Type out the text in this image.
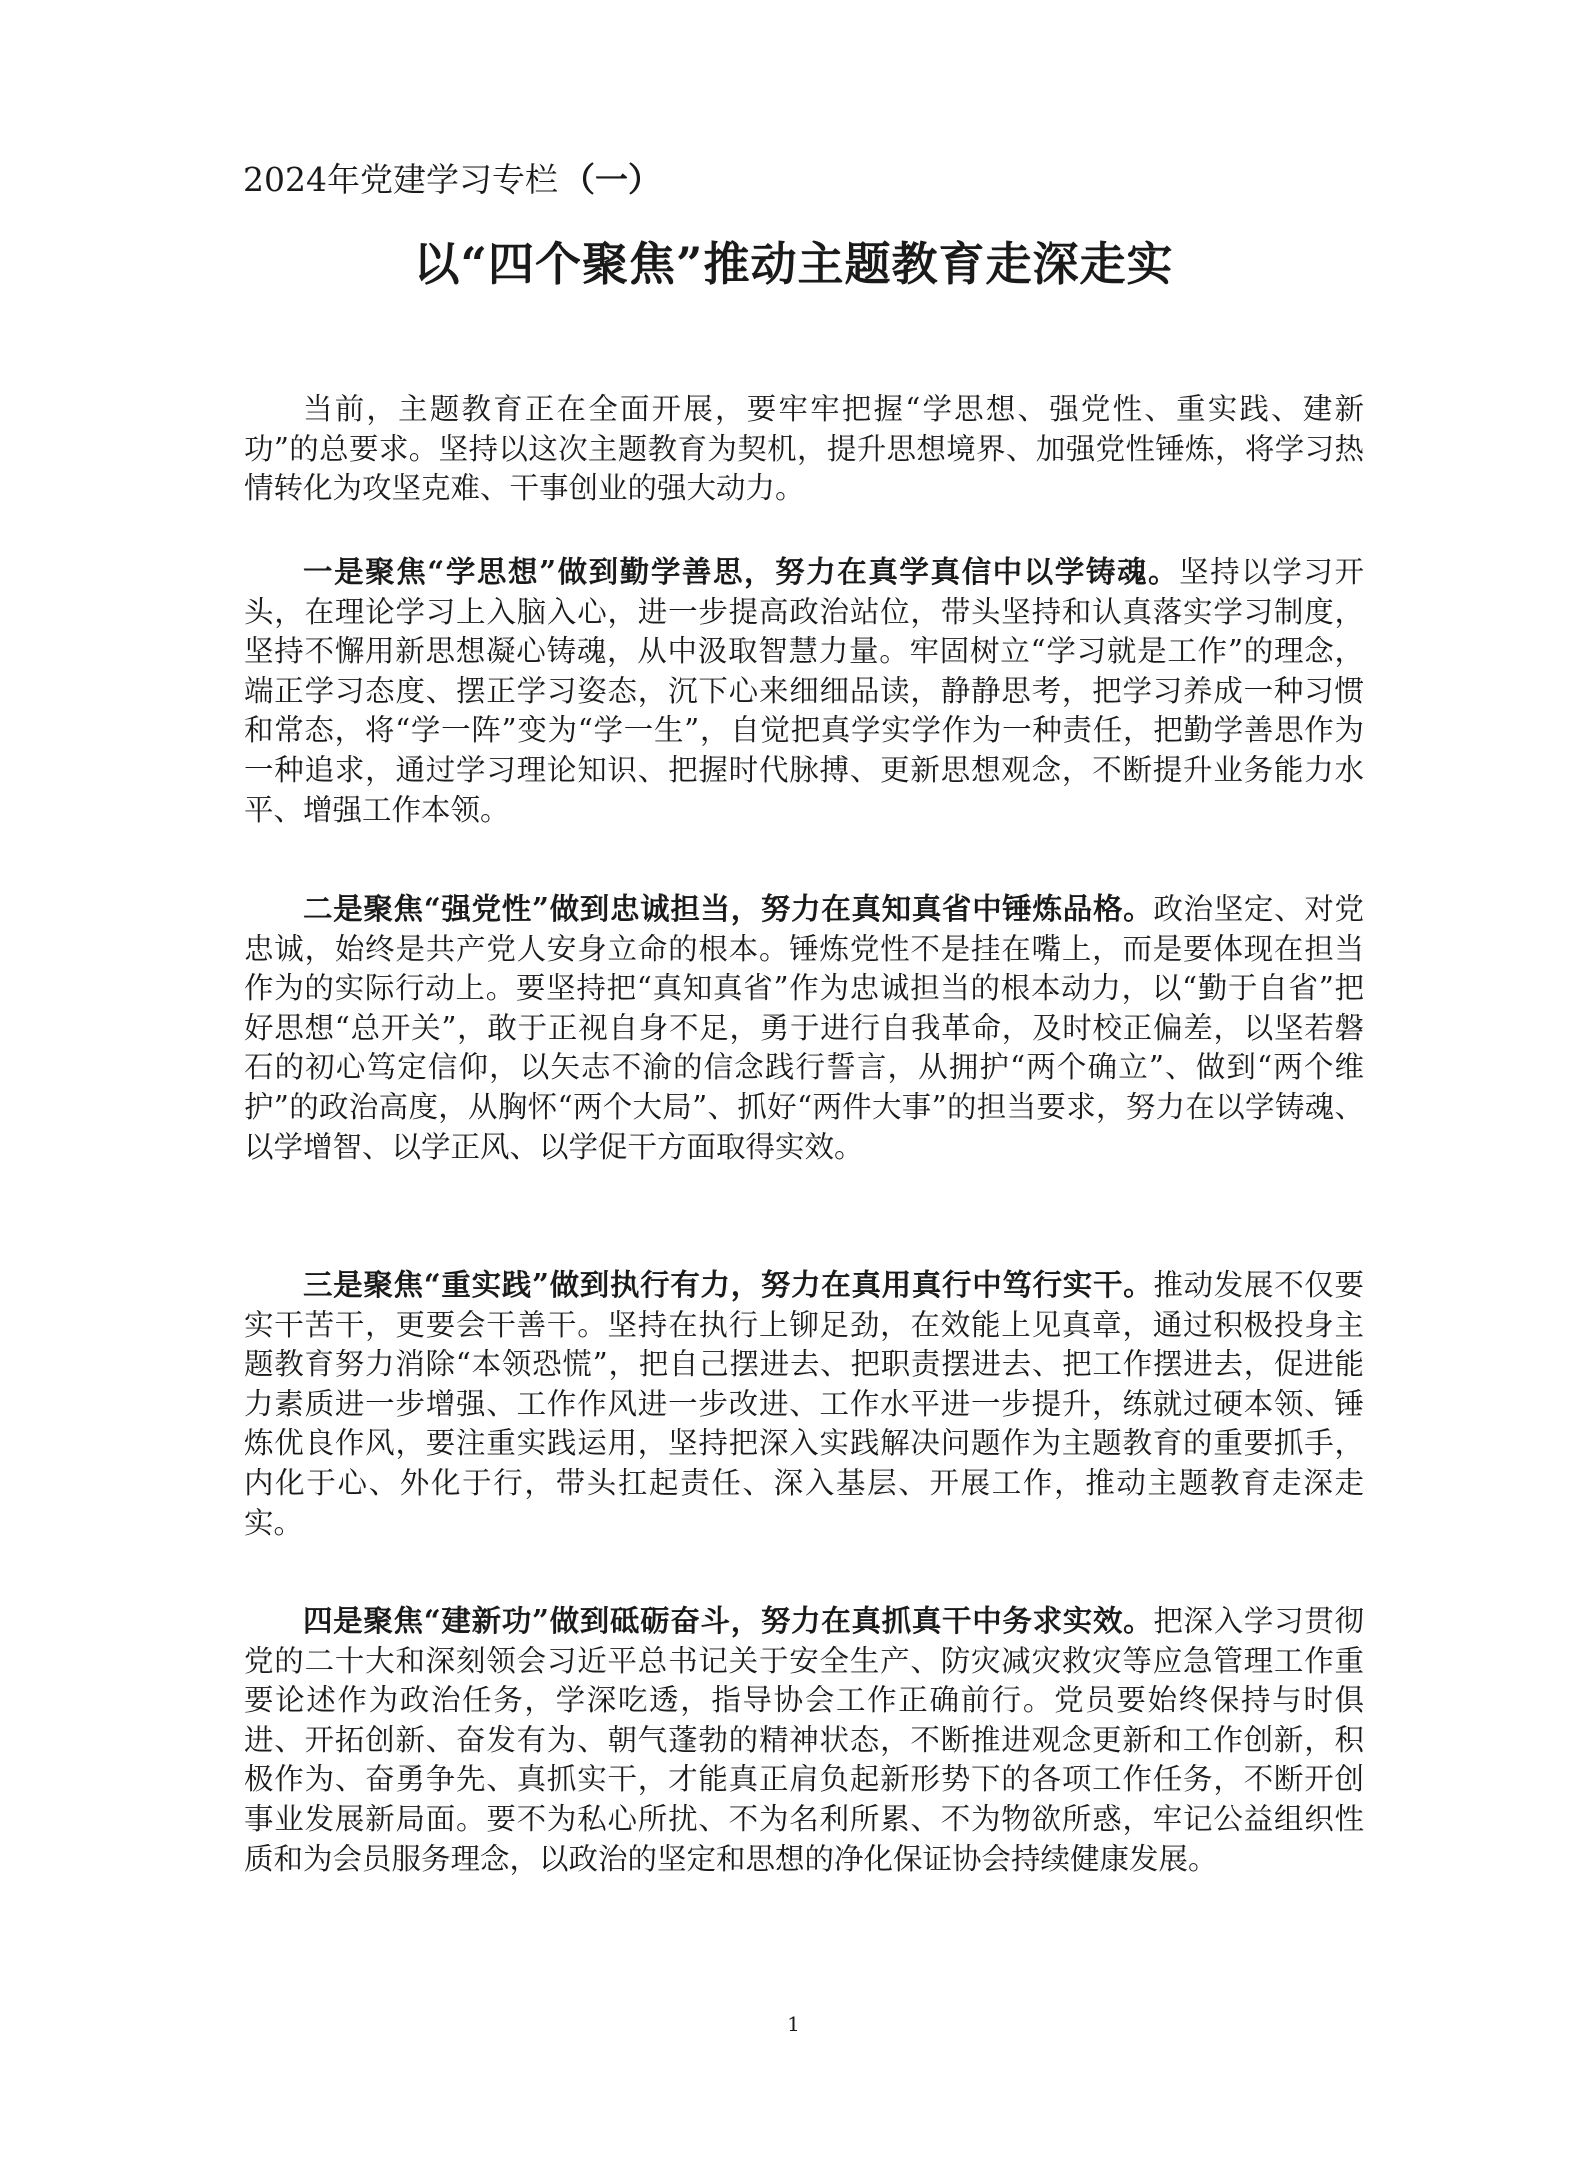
2024年党建学习专栏 （一）
以“四个聚焦”推动主题教育走深走实

当前，主题教育正在全面开展，要牢牢把握“学思想、强党性、重实践、建新功”的总要求。坚持以这次主题教育为契机，提升思想境界、加强党性锤炼，将学习热情转化为攻坚克难、干事创业的强大动力。

一是聚焦“学思想”做到勤学善思，努力在真学真信中以学铸魂。坚持以学习开头，在理论学习上入脑入心，进一步提高政治站位，带头坚持和认真落实学习制度，坚持不懈用新思想凝心铸魂，从中汲取智慧力量。牢固树立“学习就是工作”的理念，端正学习态度、摆正学习姿态，沉下心来细细品读，静静思考，把学习养成一种习惯和常态，将“学一阵”变为“学一生”，自觉把真学实学作为一种责任，把勤学善思作为一种追求，通过学习理论知识、把握时代脉搏、更新思想观念，不断提升业务能力水平、增强工作本领。

二是聚焦“强党性”做到忠诚担当，努力在真知真省中锤炼品格。政治坚定、对党忠诚，始终是共产党人安身立命的根本。锤炼党性不是挂在嘴上，而是要体现在担当作为的实际行动上。要坚持把“真知真省”作为忠诚担当的根本动力，以“勤于自省”把好思想“总开关”，敢于正视自身不足，勇于进行自我革命，及时校正偏差，以坚若磐石的初心笃定信仰，以矢志不渝的信念践行誓言，从拥护“两个确立”、做到“两个维护”的政治高度，从胸怀“两个大局”、抓好“两件大事”的担当要求，努力在以学铸魂、以学增智、以学正风、以学促干方面取得实效。

三是聚焦“重实践”做到执行有力，努力在真用真行中笃行实干。推动发展不仅要实干苦干，更要会干善干。坚持在执行上铆足劲，在效能上见真章，通过积极投身主题教育努力消除“本领恐慌”，把自己摆进去、把职责摆进去、把工作摆进去，促进能力素质进一步增强、工作作风进一步改进、工作水平进一步提升，练就过硬本领、锤炼优良作风，要注重实践运用，坚持把深入实践解决问题作为主题教育的重要抓手，内化于心、外化于行，带头扛起责任、深入基层、开展工作，推动主题教育走深走实。

四是聚焦“建新功”做到砥砺奋斗，努力在真抓真干中务求实效。把深入学习贯彻党的二十大和深刻领会习近平总书记关于安全生产、防灾减灾救灾等应急管理工作重要论述作为政治任务，学深吃透，指导协会工作正确前行。党员要始终保持与时俱进、开拓创新、奋发有为、朝气蓬勃的精神状态，不断推进观念更新和工作创新，积极作为、奋勇争先、真抓实干，才能真正肩负起新形势下的各项工作任务，不断开创事业发展新局面。要不为私心所扰、不为名利所累、不为物欲所惑，牢记公益组织性质和为会员服务理念，以政治的坚定和思想的净化保证协会持续健康发展。

1
